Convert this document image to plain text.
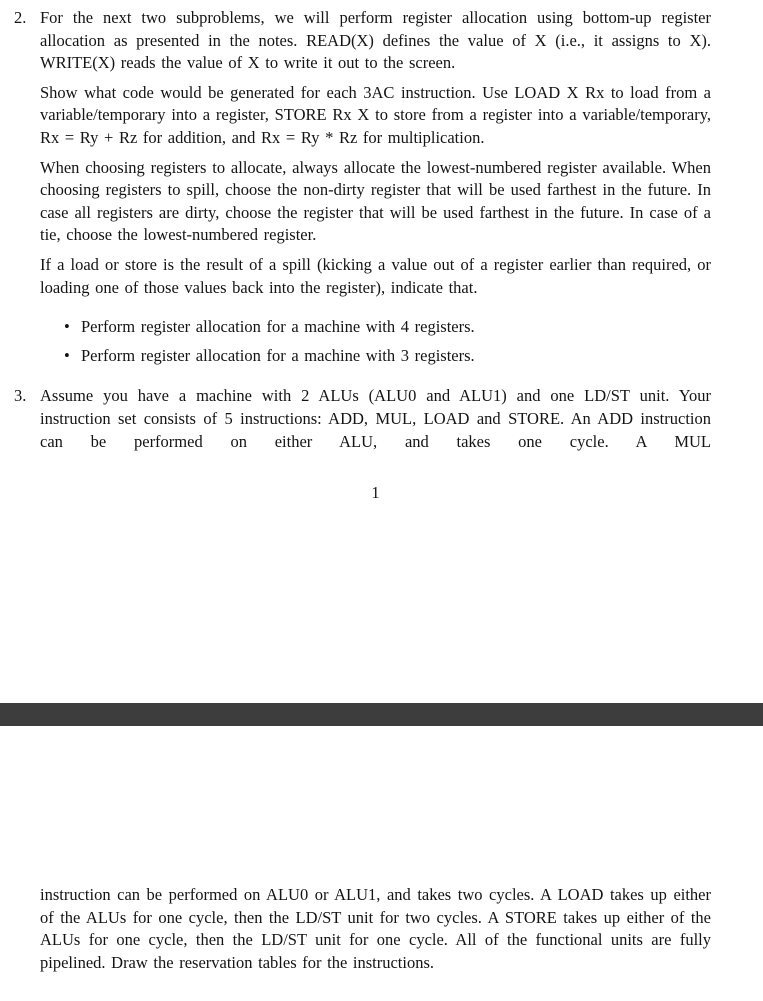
2. For the next two subproblems, we will perform register allocation using bottom-up register allocation as presented in the notes. READ(X) defines the value of X (i.e., it assigns to X). WRITE(X) reads the value of X to write it out to the screen.

Show what code would be generated for each 3AC instruction. Use LOAD X Rx to load from a variable/temporary into a register, STORE Rx X to store from a register into a variable/temporary, Rx = Ry + Rz for addition, and Rx = Ry * Rz for multiplication.

When choosing registers to allocate, always allocate the lowest-numbered register available. When choosing registers to spill, choose the non-dirty register that will be used farthest in the future. In case all registers are dirty, choose the register that will be used farthest in the future. In case of a tie, choose the lowest-numbered register.

If a load or store is the result of a spill (kicking a value out of a register earlier than required, or loading one of those values back into the register), indicate that.

• Perform register allocation for a machine with 4 registers.
• Perform register allocation for a machine with 3 registers.
3. Assume you have a machine with 2 ALUs (ALU0 and ALU1) and one LD/ST unit. Your instruction set consists of 5 instructions: ADD, MUL, LOAD and STORE. An ADD instruction can be performed on either ALU, and takes one cycle. A MUL

1

instruction can be performed on ALU0 or ALU1, and takes two cycles. A LOAD takes up either of the ALUs for one cycle, then the LD/ST unit for two cycles. A STORE takes up either of the ALUs for one cycle, then the LD/ST unit for one cycle. All of the functional units are fully pipelined. Draw the reservation tables for the instructions.
